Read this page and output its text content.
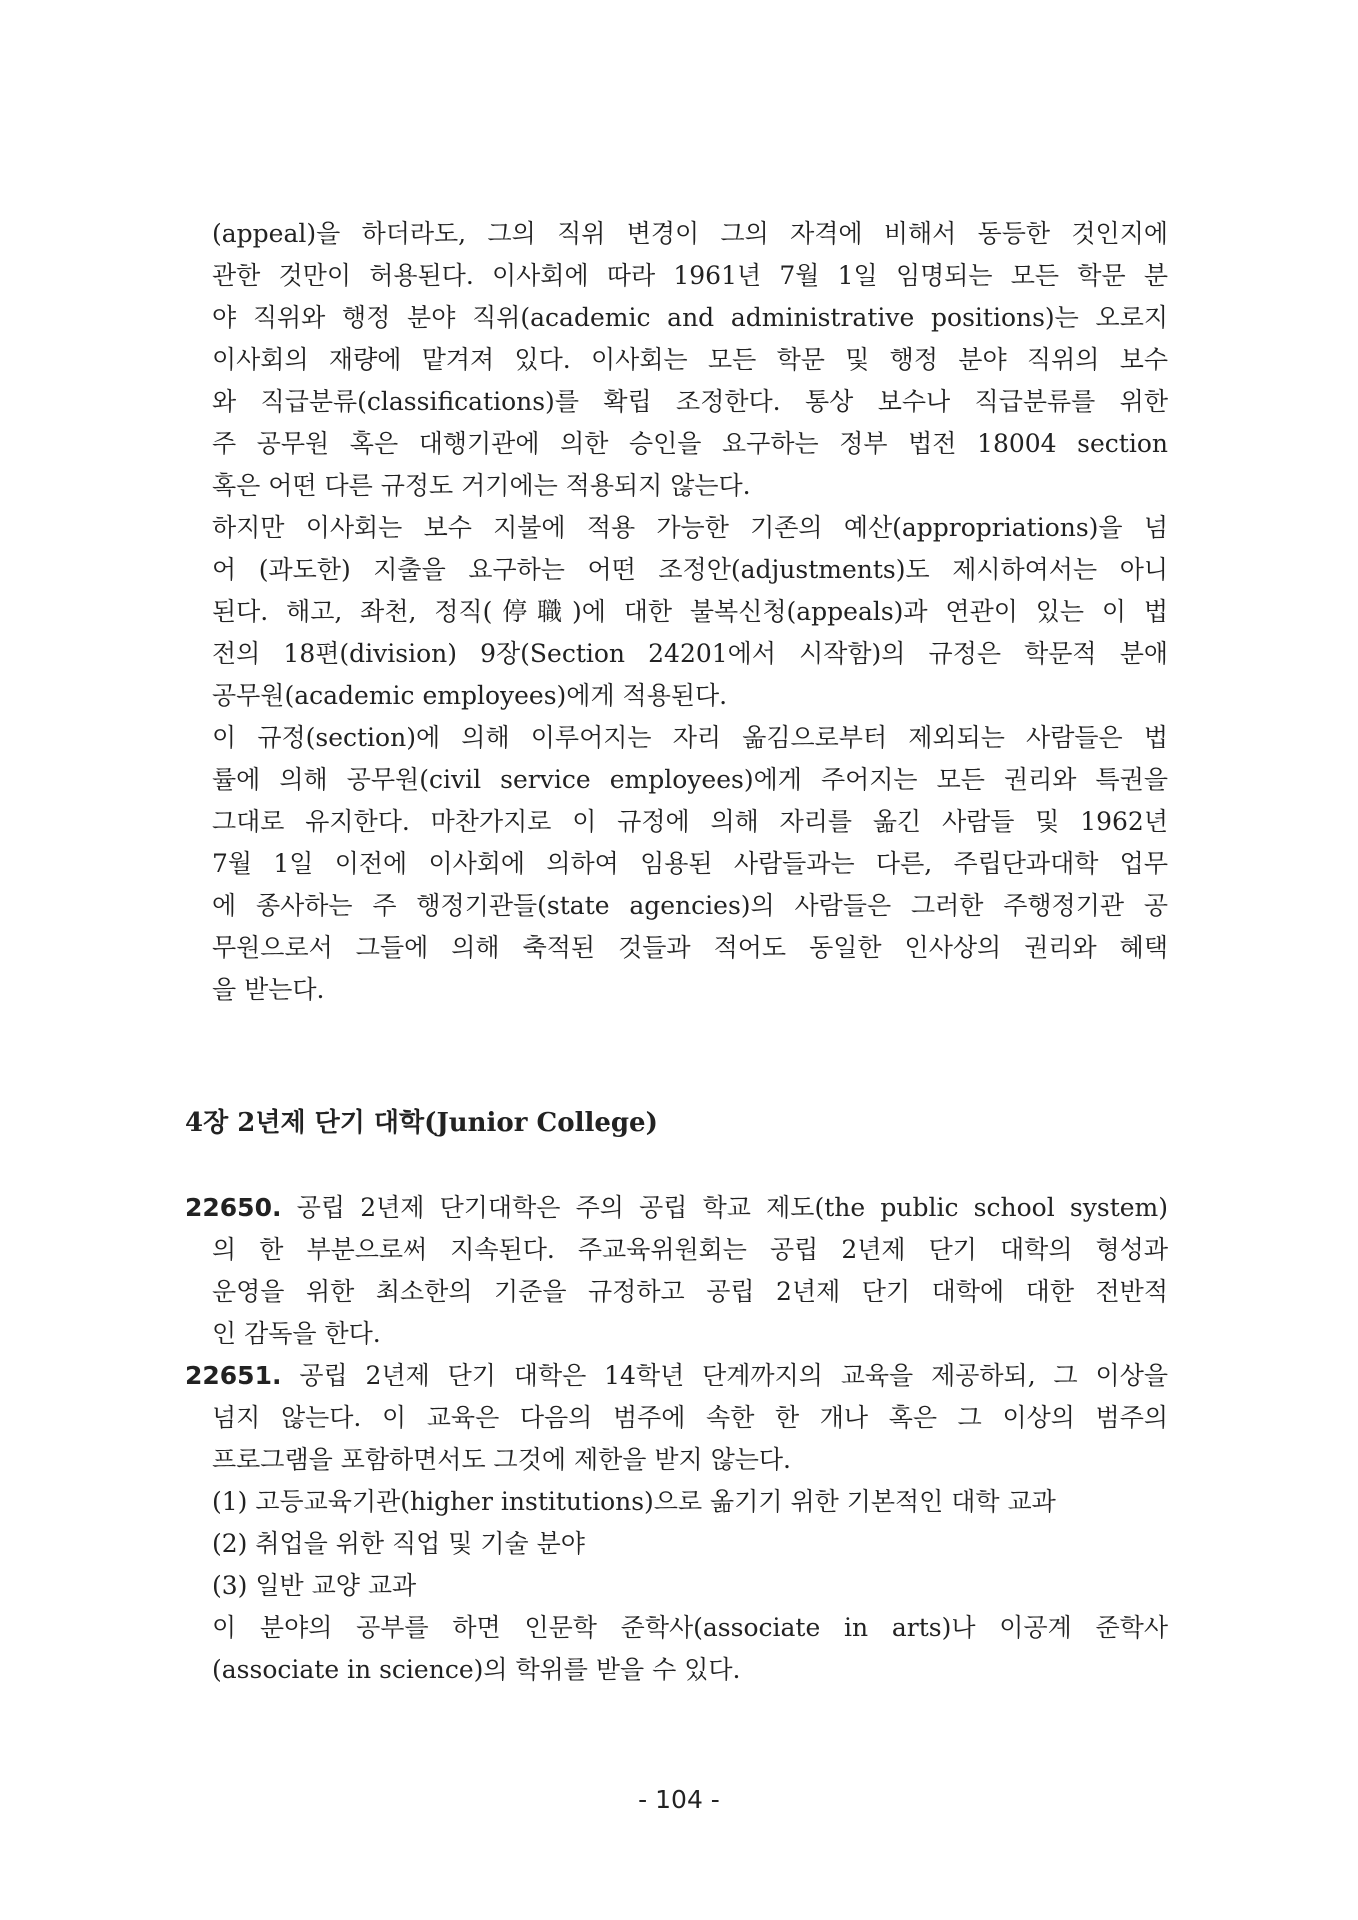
(appeal)을 하더라도, 그의 직위 변경이 그의 자격에 비해서 동등한 것인지에

관한 것만이 허용된다. 이사회에 따라 1961년 7월 1일 임명되는 모든 학문 분

야 직위와 행정 분야 직위(academic and administrative positions)는 오로지

이사회의 재량에 맡겨져 있다. 이사회는 모든 학문 및 행정 분야 직위의 보수

와 직급분류(classifications)를 확립 조정한다. 통상 보수나 직급분류를 위한

주 공무원 혹은 대행기관에 의한 승인을 요구하는 정부 법전 18004 section

혹은 어떤 다른 규정도 거기에는 적용되지 않는다.

하지만 이사회는 보수 지불에 적용 가능한 기존의 예산(appropriations)을 넘

어 (과도한) 지출을 요구하는 어떤 조정안(adjustments)도 제시하여서는 아니

된다. 해고, 좌천, 정직(停職)에 대한 불복신청(appeals)과 연관이 있는 이 법

전의 18편(division) 9장(Section 24201에서 시작함)의 규정은 학문적 분애

공무원(academic employees)에게 적용된다.

이 규정(section)에 의해 이루어지는 자리 옮김으로부터 제외되는 사람들은 법

률에 의해 공무원(civil service employees)에게 주어지는 모든 권리와 특권을

그대로 유지한다. 마찬가지로 이 규정에 의해 자리를 옮긴 사람들 및 1962년

7월 1일 이전에 이사회에 의하여 임용된 사람들과는 다른, 주립단과대학 업무

에 종사하는 주 행정기관들(state agencies)의 사람들은 그러한 주행정기관 공

무원으로서 그들에 의해 축적된 것들과 적어도 동일한 인사상의 권리와 혜택

을 받는다.

4장 2년제 단기 대학(Junior College)

22650. 공립 2년제 단기대학은 주의 공립 학교 제도(the public school system)

의 한 부분으로써 지속된다. 주교육위원회는 공립 2년제 단기 대학의 형성과

운영을 위한 최소한의 기준을 규정하고 공립 2년제 단기 대학에 대한 전반적

인 감독을 한다.

22651. 공립 2년제 단기 대학은 14학년 단계까지의 교육을 제공하되, 그 이상을

넘지 않는다. 이 교육은 다음의 범주에 속한 한 개나 혹은 그 이상의 범주의

프로그램을 포함하면서도 그것에 제한을 받지 않는다.

(1) 고등교육기관(higher institutions)으로 옮기기 위한 기본적인 대학 교과

(2) 취업을 위한 직업 및 기술 분야

(3) 일반 교양 교과

이 분야의 공부를 하면 인문학 준학사(associate in arts)나 이공계 준학사

(associate in science)의 학위를 받을 수 있다.

- 104 -
